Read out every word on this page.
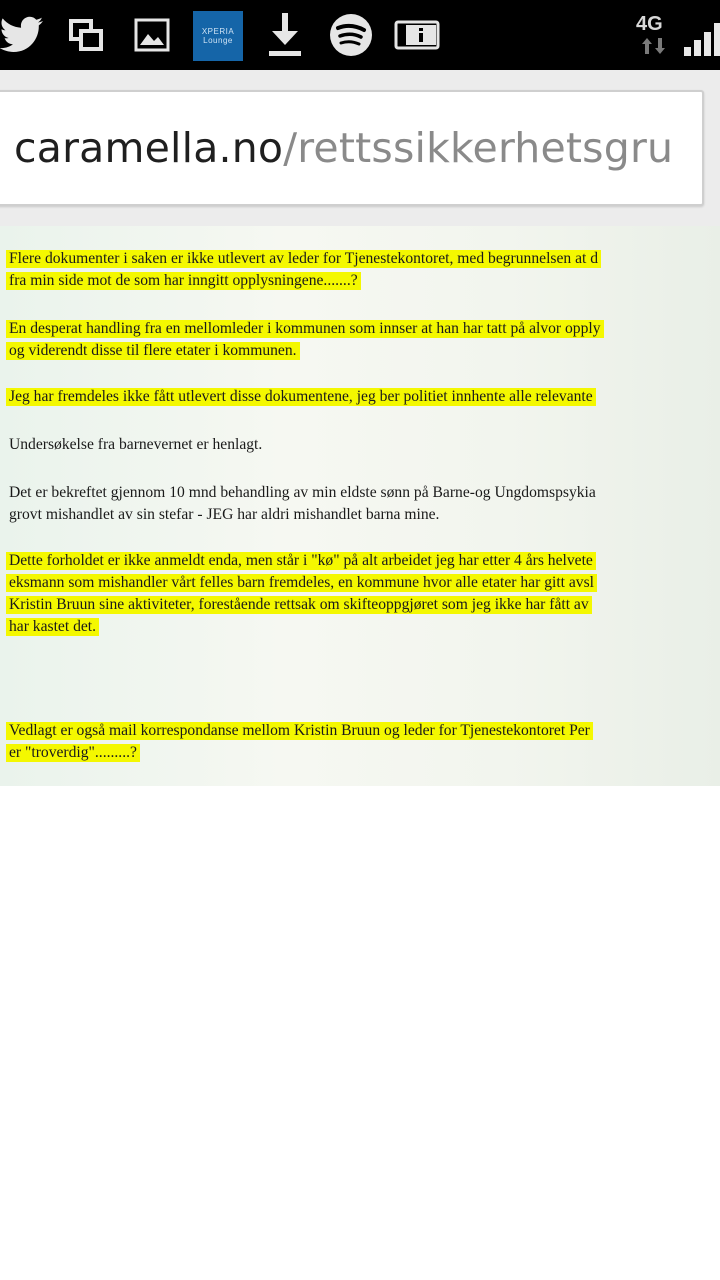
XPERIA
Lounge
4G
caramella.no/rettssikkerhetsgru
Flere dokumenter i saken er ikke utlevert av leder for Tjenestekontoret, med begrunnelsen at d
fra min side mot de som har inngitt opplysningene.......?
En desperat handling fra en mellomleder i kommunen som innser at han har tatt på alvor opply
og viderendt disse til flere etater i kommunen.
Jeg har fremdeles ikke fått utlevert disse dokumentene, jeg ber politiet innhente alle relevante
Undersøkelse fra barnevernet er henlagt.
Det er bekreftet gjennom 10 mnd behandling av min eldste sønn på Barne-og Ungdomspsykia
grovt mishandlet av sin stefar - JEG har aldri mishandlet barna mine.
Dette forholdet er ikke anmeldt enda, men står i "kø" på alt arbeidet jeg har etter 4 års helvete
eksmann som mishandler vårt felles barn fremdeles, en kommune hvor alle etater har gitt avsl
Kristin Bruun sine aktiviteter, forestående rettsak om skifteoppgjøret som jeg ikke har fått av
har kastet det.
Vedlagt er også mail korrespondanse mellom Kristin Bruun og leder for Tjenestekontoret Per
er "troverdig".........?
